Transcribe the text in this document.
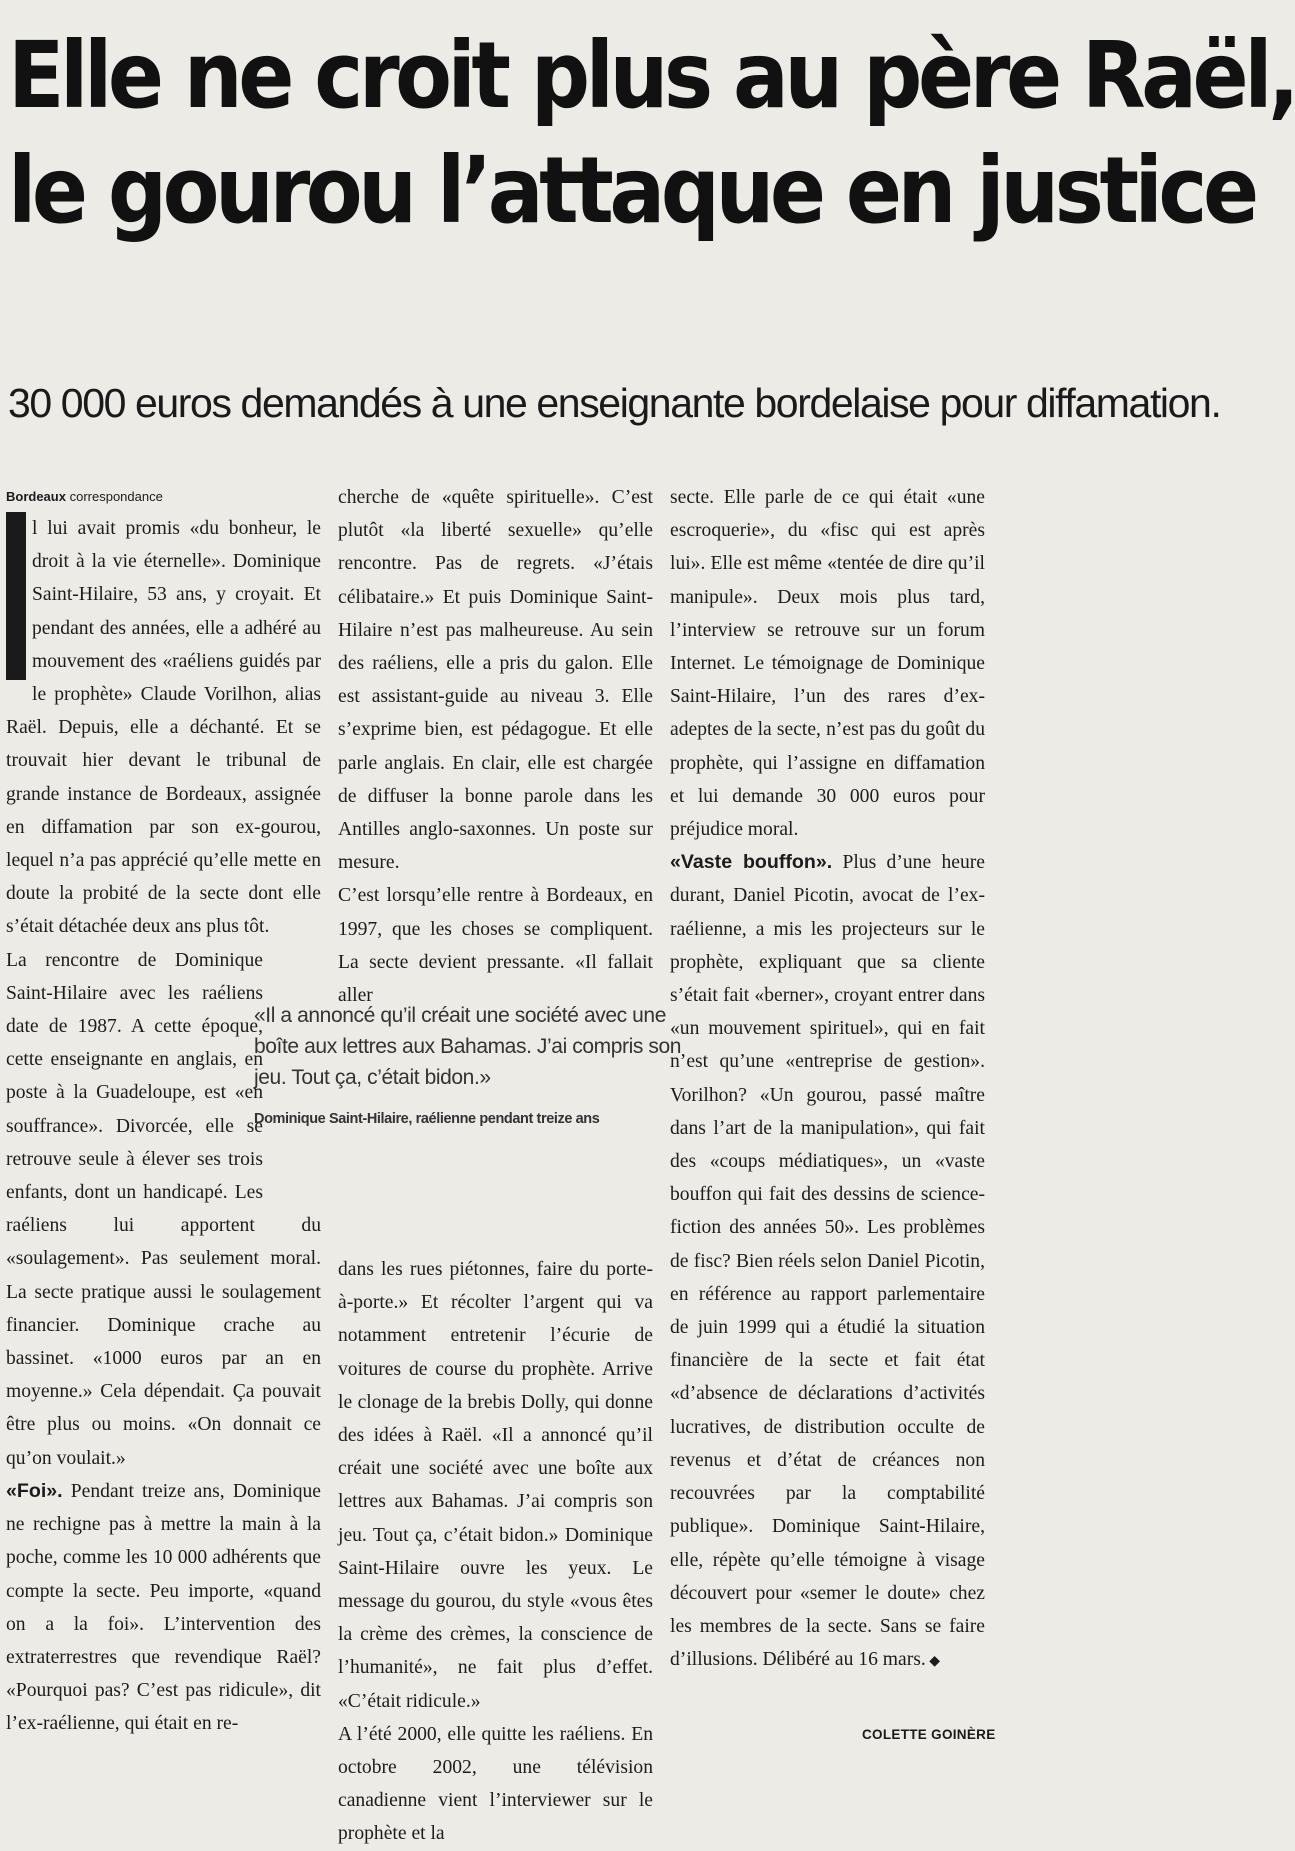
Elle ne croit plus au père Raël,
le gourou l’attaque en justice
30 000 euros demandés à une enseignante bordelaise pour diffamation.
Bordeaux correspondance

l lui avait promis «du bonheur, le droit à la vie éternelle». Dominique Saint-Hilaire, 53 ans, y croyait. Et pendant des années, elle a adhéré au mouvement des «raéliens guidés par le prophète» Claude Vorilhon, alias Raël. Depuis, elle a déchanté. Et se trouvait hier devant le tribunal de grande instance de Bordeaux, assignée en diffamation par son ex-gourou, lequel n’a pas apprécié qu’elle mette en doute la probité de la secte dont elle s’était détachée deux ans plus tôt.

La rencontre de Dominique Saint-Hilaire avec les raéliens date de 1987. A cette époque, cette enseignante en anglais, en poste à la Guadeloupe, est «en souffrance». Divorcée, elle se retrouve seule à élever ses trois enfants, dont un handicapé. Les raéliens lui apportent du «soulagement». Pas seulement moral. La secte pratique aussi le soulagement financier. Dominique crache au bassinet. «1000 euros par an en moyenne.» Cela dépendait. Ça pouvait être plus ou moins. «On donnait ce qu’on voulait.»

«Foi». Pendant treize ans, Dominique ne rechigne pas à mettre la main à la poche, comme les 10 000 adhérents que compte la secte. Peu importe, «quand on a la foi». L’intervention des extraterrestres que revendique Raël? «Pourquoi pas? C’est pas ridicule», dit l’ex-raélienne, qui était en re-

cherche de «quête spirituelle». C’est plutôt «la liberté sexuelle» qu’elle rencontre. Pas de regrets. «J’étais célibataire.» Et puis Dominique Saint-Hilaire n’est pas malheureuse. Au sein des raéliens, elle a pris du galon. Elle est assistant-guide au niveau 3. Elle s’exprime bien, est pédagogue. Et elle parle anglais. En clair, elle est chargée de diffuser la bonne parole dans les Antilles anglo-saxonnes. Un poste sur mesure.

C’est lorsqu’elle rentre à Bordeaux, en 1997, que les choses se compliquent. La secte devient pressante. «Il fallait aller

«Il a annoncé qu’il créait une société avec une boîte aux lettres aux Bahamas. J’ai compris son jeu. Tout ça, c’était bidon.»

Dominique Saint-Hilaire, raélienne pendant treize ans

dans les rues piétonnes, faire du porte-à-porte.» Et récolter l’argent qui va notamment entretenir l’écurie de voitures de course du prophète. Arrive le clonage de la brebis Dolly, qui donne des idées à Raël. «Il a annoncé qu’il créait une société avec une boîte aux lettres aux Bahamas. J’ai compris son jeu. Tout ça, c’était bidon.» Dominique Saint-Hilaire ouvre les yeux. Le message du gourou, du style «vous êtes la crème des crèmes, la conscience de l’humanité», ne fait plus d’effet. «C’était ridicule.»

A l’été 2000, elle quitte les raéliens. En octobre 2002, une télévision canadienne vient l’interviewer sur le prophète et la

secte. Elle parle de ce qui était «une escroquerie», du «fisc qui est après lui». Elle est même «tentée de dire qu’il manipule». Deux mois plus tard, l’interview se retrouve sur un forum Internet. Le témoignage de Dominique Saint-Hilaire, l’un des rares d’ex-adeptes de la secte, n’est pas du goût du prophète, qui l’assigne en diffamation et lui demande 30 000 euros pour préjudice moral.

«Vaste bouffon». Plus d’une heure durant, Daniel Picotin, avocat de l’ex-raélienne, a mis les projecteurs sur le prophète, expliquant que sa cliente s’était fait «berner», croyant entrer dans «un mouvement spirituel», qui en fait n’est qu’une «entreprise de gestion». Vorilhon? «Un gourou, passé maître dans l’art de la manipulation», qui fait des «coups médiatiques», un «vaste bouffon qui fait des dessins de science-fiction des années 50». Les problèmes de fisc? Bien réels selon Daniel Picotin, en référence au rapport parlementaire de juin 1999 qui a étudié la situation financière de la secte et fait état «d’absence de déclarations d’activités lucratives, de distribution occulte de revenus et d’état de créances non recouvrées par la comptabilité publique». Dominique Saint-Hilaire, elle, répète qu’elle témoigne à visage découvert pour «semer le doute» chez les membres de la secte. Sans se faire d’illusions. Délibéré au 16 mars. ◆

COLETTE GOINÈRE
